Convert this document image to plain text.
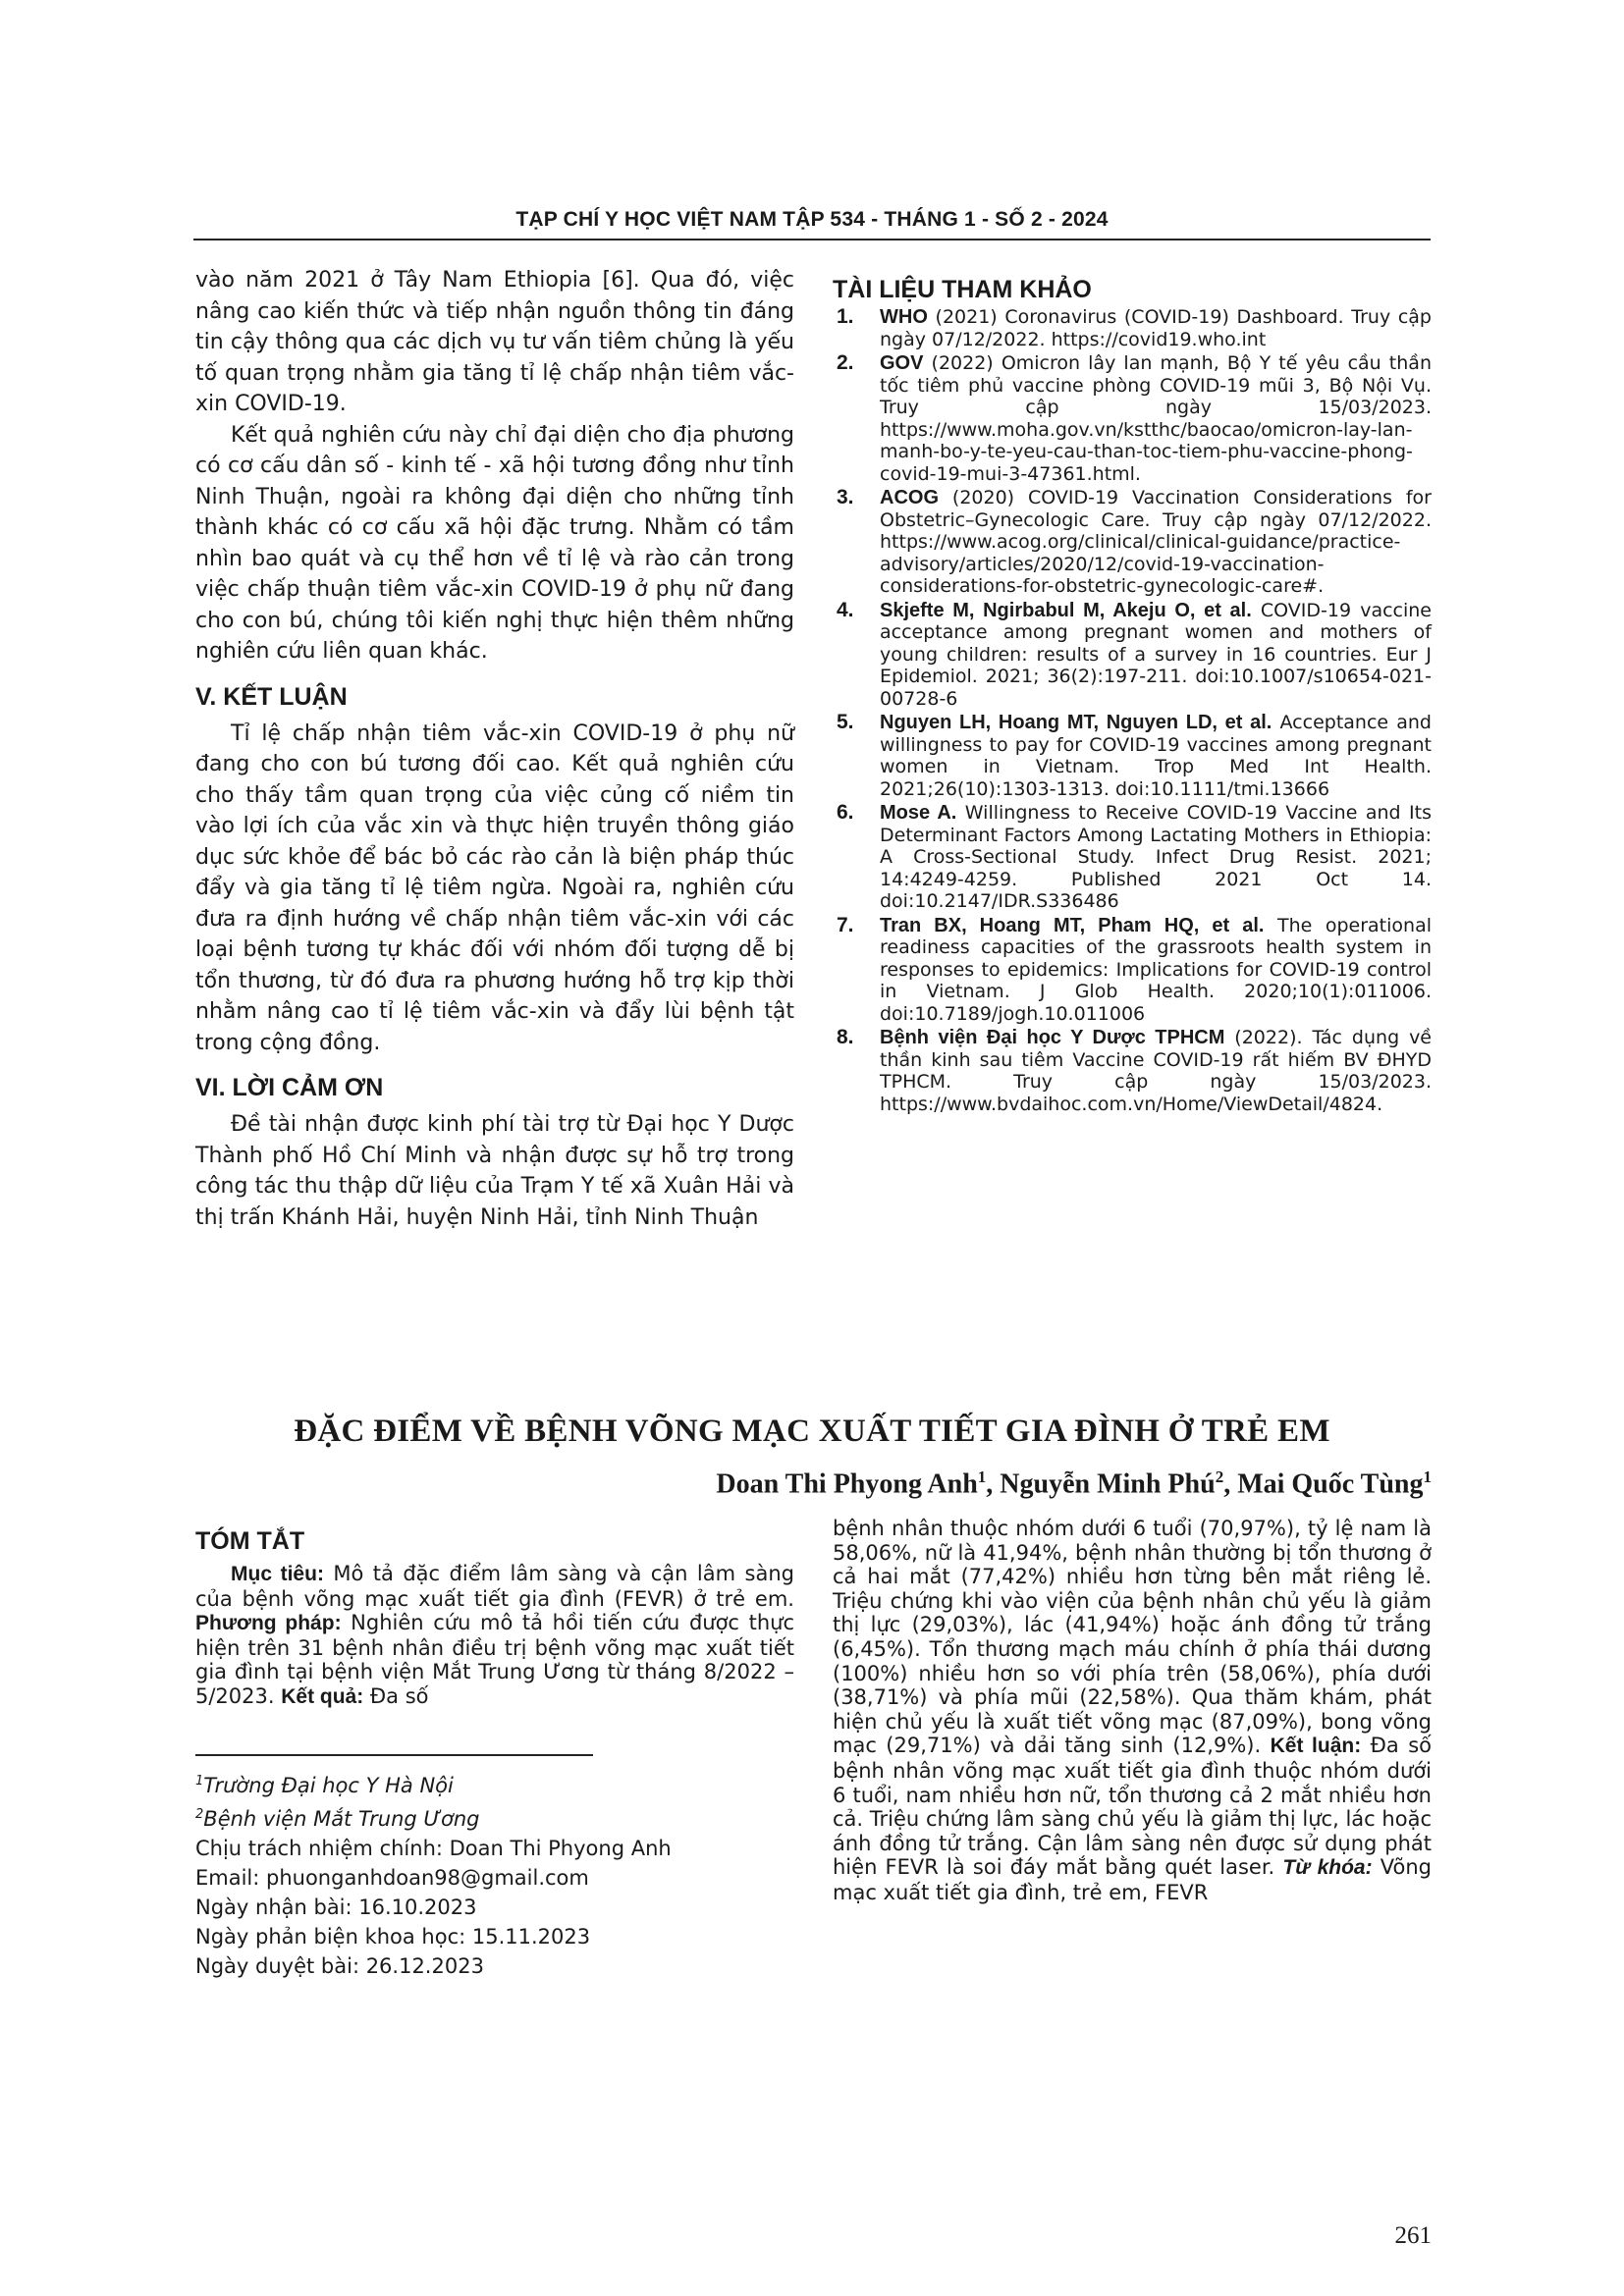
TẠP CHÍ Y HỌC VIỆT NAM TẬP 534 - THÁNG 1 - SỐ 2 - 2024

vào năm 2021 ở Tây Nam Ethiopia [6]. Qua đó, việc nâng cao kiến thức và tiếp nhận nguồn thông tin đáng tin cậy thông qua các dịch vụ tư vấn tiêm chủng là yếu tố quan trọng nhằm gia tăng tỉ lệ chấp nhận tiêm vắc-xin COVID-19.

Kết quả nghiên cứu này chỉ đại diện cho địa phương có cơ cấu dân số - kinh tế - xã hội tương đồng như tỉnh Ninh Thuận, ngoài ra không đại diện cho những tỉnh thành khác có cơ cấu xã hội đặc trưng. Nhằm có tầm nhìn bao quát và cụ thể hơn về tỉ lệ và rào cản trong việc chấp thuận tiêm vắc-xin COVID-19 ở phụ nữ đang cho con bú, chúng tôi kiến nghị thực hiện thêm những nghiên cứu liên quan khác.

V. KẾT LUẬN

Tỉ lệ chấp nhận tiêm vắc-xin COVID-19 ở phụ nữ đang cho con bú tương đối cao. Kết quả nghiên cứu cho thấy tầm quan trọng của việc củng cố niềm tin vào lợi ích của vắc xin và thực hiện truyền thông giáo dục sức khỏe để bác bỏ các rào cản là biện pháp thúc đẩy và gia tăng tỉ lệ tiêm ngừa. Ngoài ra, nghiên cứu đưa ra định hướng về chấp nhận tiêm vắc-xin với các loại bệnh tương tự khác đối với nhóm đối tượng dễ bị tổn thương, từ đó đưa ra phương hướng hỗ trợ kịp thời nhằm nâng cao tỉ lệ tiêm vắc-xin và đẩy lùi bệnh tật trong cộng đồng.

VI. LỜI CẢM ƠN

Đề tài nhận được kinh phí tài trợ từ Đại học Y Dược Thành phố Hồ Chí Minh và nhận được sự hỗ trợ trong công tác thu thập dữ liệu của Trạm Y tế xã Xuân Hải và thị trấn Khánh Hải, huyện Ninh Hải, tỉnh Ninh Thuận

TÀI LIỆU THAM KHẢO
1. WHO (2021) Coronavirus (COVID-19) Dashboard. Truy cập ngày 07/12/2022. https://covid19.who.int
2. GOV (2022) Omicron lây lan mạnh, Bộ Y tế yêu cầu thần tốc tiêm phủ vaccine phòng COVID-19 mũi 3, Bộ Nội Vụ. Truy cập ngày 15/03/2023. https://www.moha.gov.vn/kstthc/baocao/omicron-lay-lan-manh-bo-y-te-yeu-cau-than-toc-tiem-phu-vaccine-phong-covid-19-mui-3-47361.html.
3. ACOG (2020) COVID-19 Vaccination Considerations for Obstetric–Gynecologic Care. Truy cập ngày 07/12/2022. https://www.acog.org/clinical/clinical-guidance/practice-advisory/articles/2020/12/covid-19-vaccination-considerations-for-obstetric-gynecologic-care#.
4. Skjefte M, Ngirbabul M, Akeju O, et al. COVID-19 vaccine acceptance among pregnant women and mothers of young children: results of a survey in 16 countries. Eur J Epidemiol. 2021; 36(2):197-211. doi:10.1007/s10654-021-00728-6
5. Nguyen LH, Hoang MT, Nguyen LD, et al. Acceptance and willingness to pay for COVID-19 vaccines among pregnant women in Vietnam. Trop Med Int Health. 2021;26(10):1303-1313. doi:10.1111/tmi.13666
6. Mose A. Willingness to Receive COVID-19 Vaccine and Its Determinant Factors Among Lactating Mothers in Ethiopia: A Cross-Sectional Study. Infect Drug Resist. 2021; 14:4249-4259. Published 2021 Oct 14. doi:10.2147/IDR.S336486
7. Tran BX, Hoang MT, Pham HQ, et al. The operational readiness capacities of the grassroots health system in responses to epidemics: Implications for COVID-19 control in Vietnam. J Glob Health. 2020;10(1):011006. doi:10.7189/jogh.10.011006
8. Bệnh viện Đại học Y Dược TPHCM (2022). Tác dụng về thần kinh sau tiêm Vaccine COVID-19 rất hiếm BV ĐHYD TPHCM. Truy cập ngày 15/03/2023. https://www.bvdaihoc.com.vn/Home/ViewDetail/4824.
ĐẶC ĐIỂM VỀ BỆNH VÕNG MẠC XUẤT TIẾT GIA ĐÌNH Ở TRẺ EM
Doan Thi Phyong Anh$^1$, Nguyễn Minh Phú$^2$, Mai Quốc Tùng$^1$
TÓM TẮT

Mục tiêu: Mô tả đặc điểm lâm sàng và cận lâm sàng của bệnh võng mạc xuất tiết gia đình (FEVR) ở trẻ em. Phương pháp: Nghiên cứu mô tả hồi tiến cứu được thực hiện trên 31 bệnh nhân điều trị bệnh võng mạc xuất tiết gia đình tại bệnh viện Mắt Trung Ương từ tháng 8/2022 – 5/2023. Kết quả: Đa số

bệnh nhân thuộc nhóm dưới 6 tuổi (70,97%), tỷ lệ nam là 58,06%, nữ là 41,94%, bệnh nhân thường bị tổn thương ở cả hai mắt (77,42%) nhiều hơn từng bên mắt riêng lẻ. Triệu chứng khi vào viện của bệnh nhân chủ yếu là giảm thị lực (29,03%), lác (41,94%) hoặc ánh đồng tử trắng (6,45%). Tổn thương mạch máu chính ở phía thái dương (100%) nhiều hơn so với phía trên (58,06%), phía dưới (38,71%) và phía mũi (22,58%). Qua thăm khám, phát hiện chủ yếu là xuất tiết võng mạc (87,09%), bong võng mạc (29,71%) và dải tăng sinh (12,9%). Kết luận: Đa số bệnh nhân võng mạc xuất tiết gia đình thuộc nhóm dưới 6 tuổi, nam nhiều hơn nữ, tổn thương cả 2 mắt nhiều hơn cả. Triệu chứng lâm sàng chủ yếu là giảm thị lực, lác hoặc ánh đồng tử trắng. Cận lâm sàng nên được sử dụng phát hiện FEVR là soi đáy mắt bằng quét laser. Từ khóa: Võng mạc xuất tiết gia đình, trẻ em, FEVR

$^1$Trường Đại học Y Hà Nội
$^2$Bệnh viện Mắt Trung Ương
Chịu trách nhiệm chính: Doan Thi Phyong Anh
Email: phuonganhdoan98@gmail.com
Ngày nhận bài: 16.10.2023
Ngày phản biện khoa học: 15.11.2023
Ngày duyệt bài: 26.12.2023
261
